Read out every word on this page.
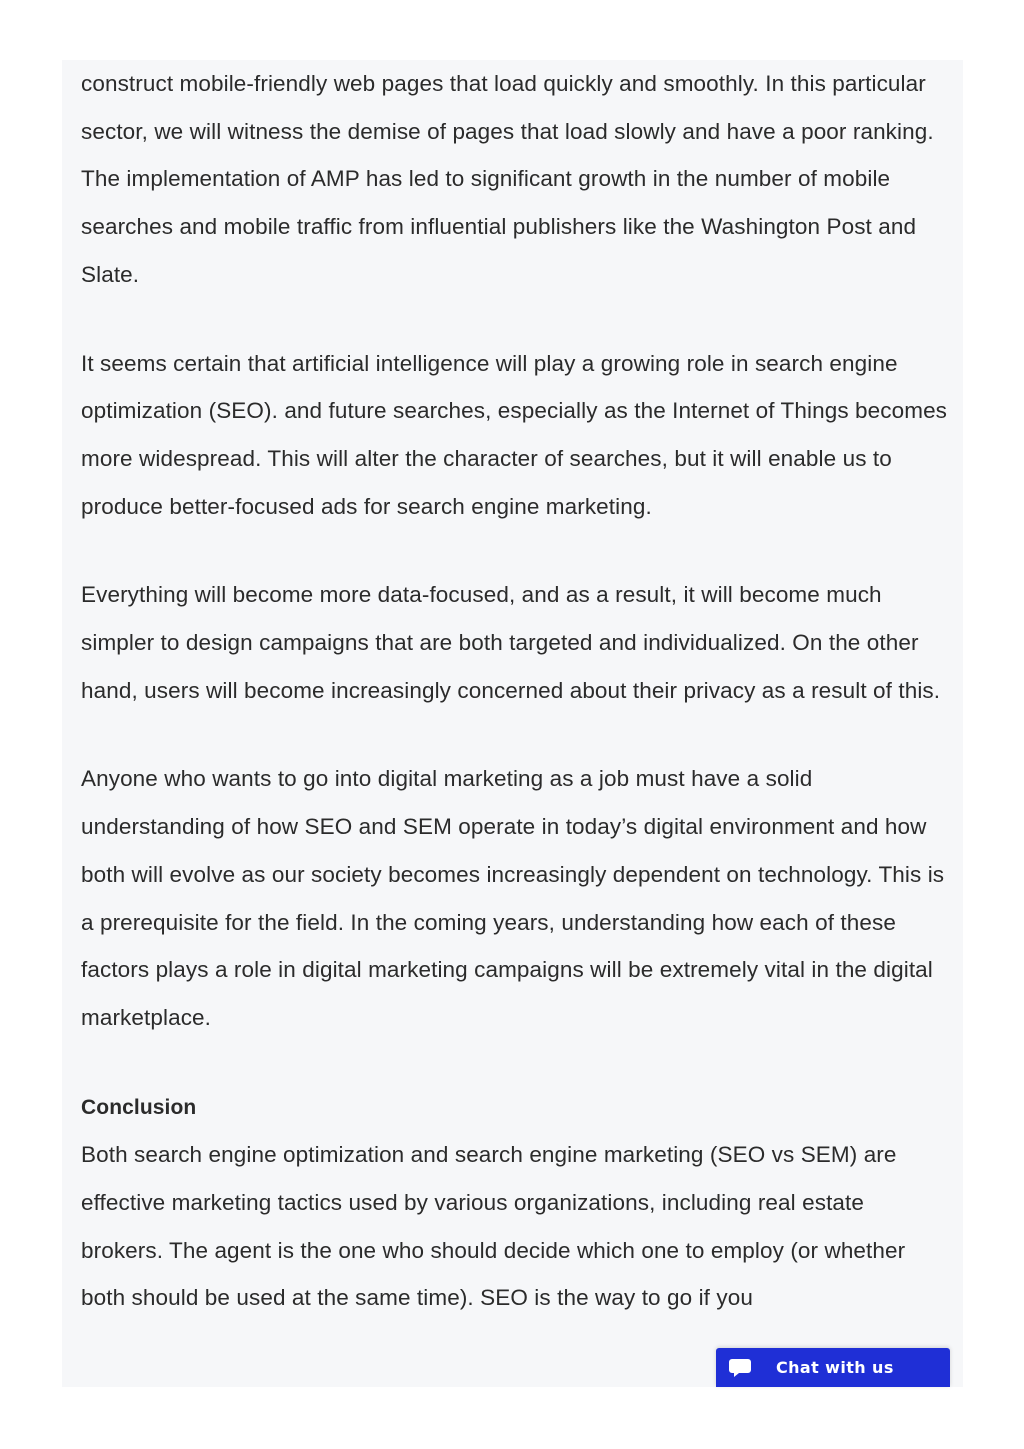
construct mobile-friendly web pages that load quickly and smoothly. In this particular sector, we will witness the demise of pages that load slowly and have a poor ranking. The implementation of AMP has led to significant growth in the number of mobile searches and mobile traffic from influential publishers like the Washington Post and Slate.

It seems certain that artificial intelligence will play a growing role in search engine optimization (SEO). and future searches, especially as the Internet of Things becomes more widespread. This will alter the character of searches, but it will enable us to produce better-focused ads for search engine marketing.

Everything will become more data-focused, and as a result, it will become much simpler to design campaigns that are both targeted and individualized. On the other hand, users will become increasingly concerned about their privacy as a result of this.

Anyone who wants to go into digital marketing as a job must have a solid understanding of how SEO and SEM operate in today’s digital environment and how both will evolve as our society becomes increasingly dependent on technology. This is a prerequisite for the field. In the coming years, understanding how each of these factors plays a role in digital marketing campaigns will be extremely vital in the digital marketplace.

Conclusion

Both search engine optimization and search engine marketing (SEO vs SEM) are effective marketing tactics used by various organizations, including real estate brokers. The agent is the one who should decide which one to employ (or whether both should be used at the same time). SEO is the way to go if you

Chat with us
